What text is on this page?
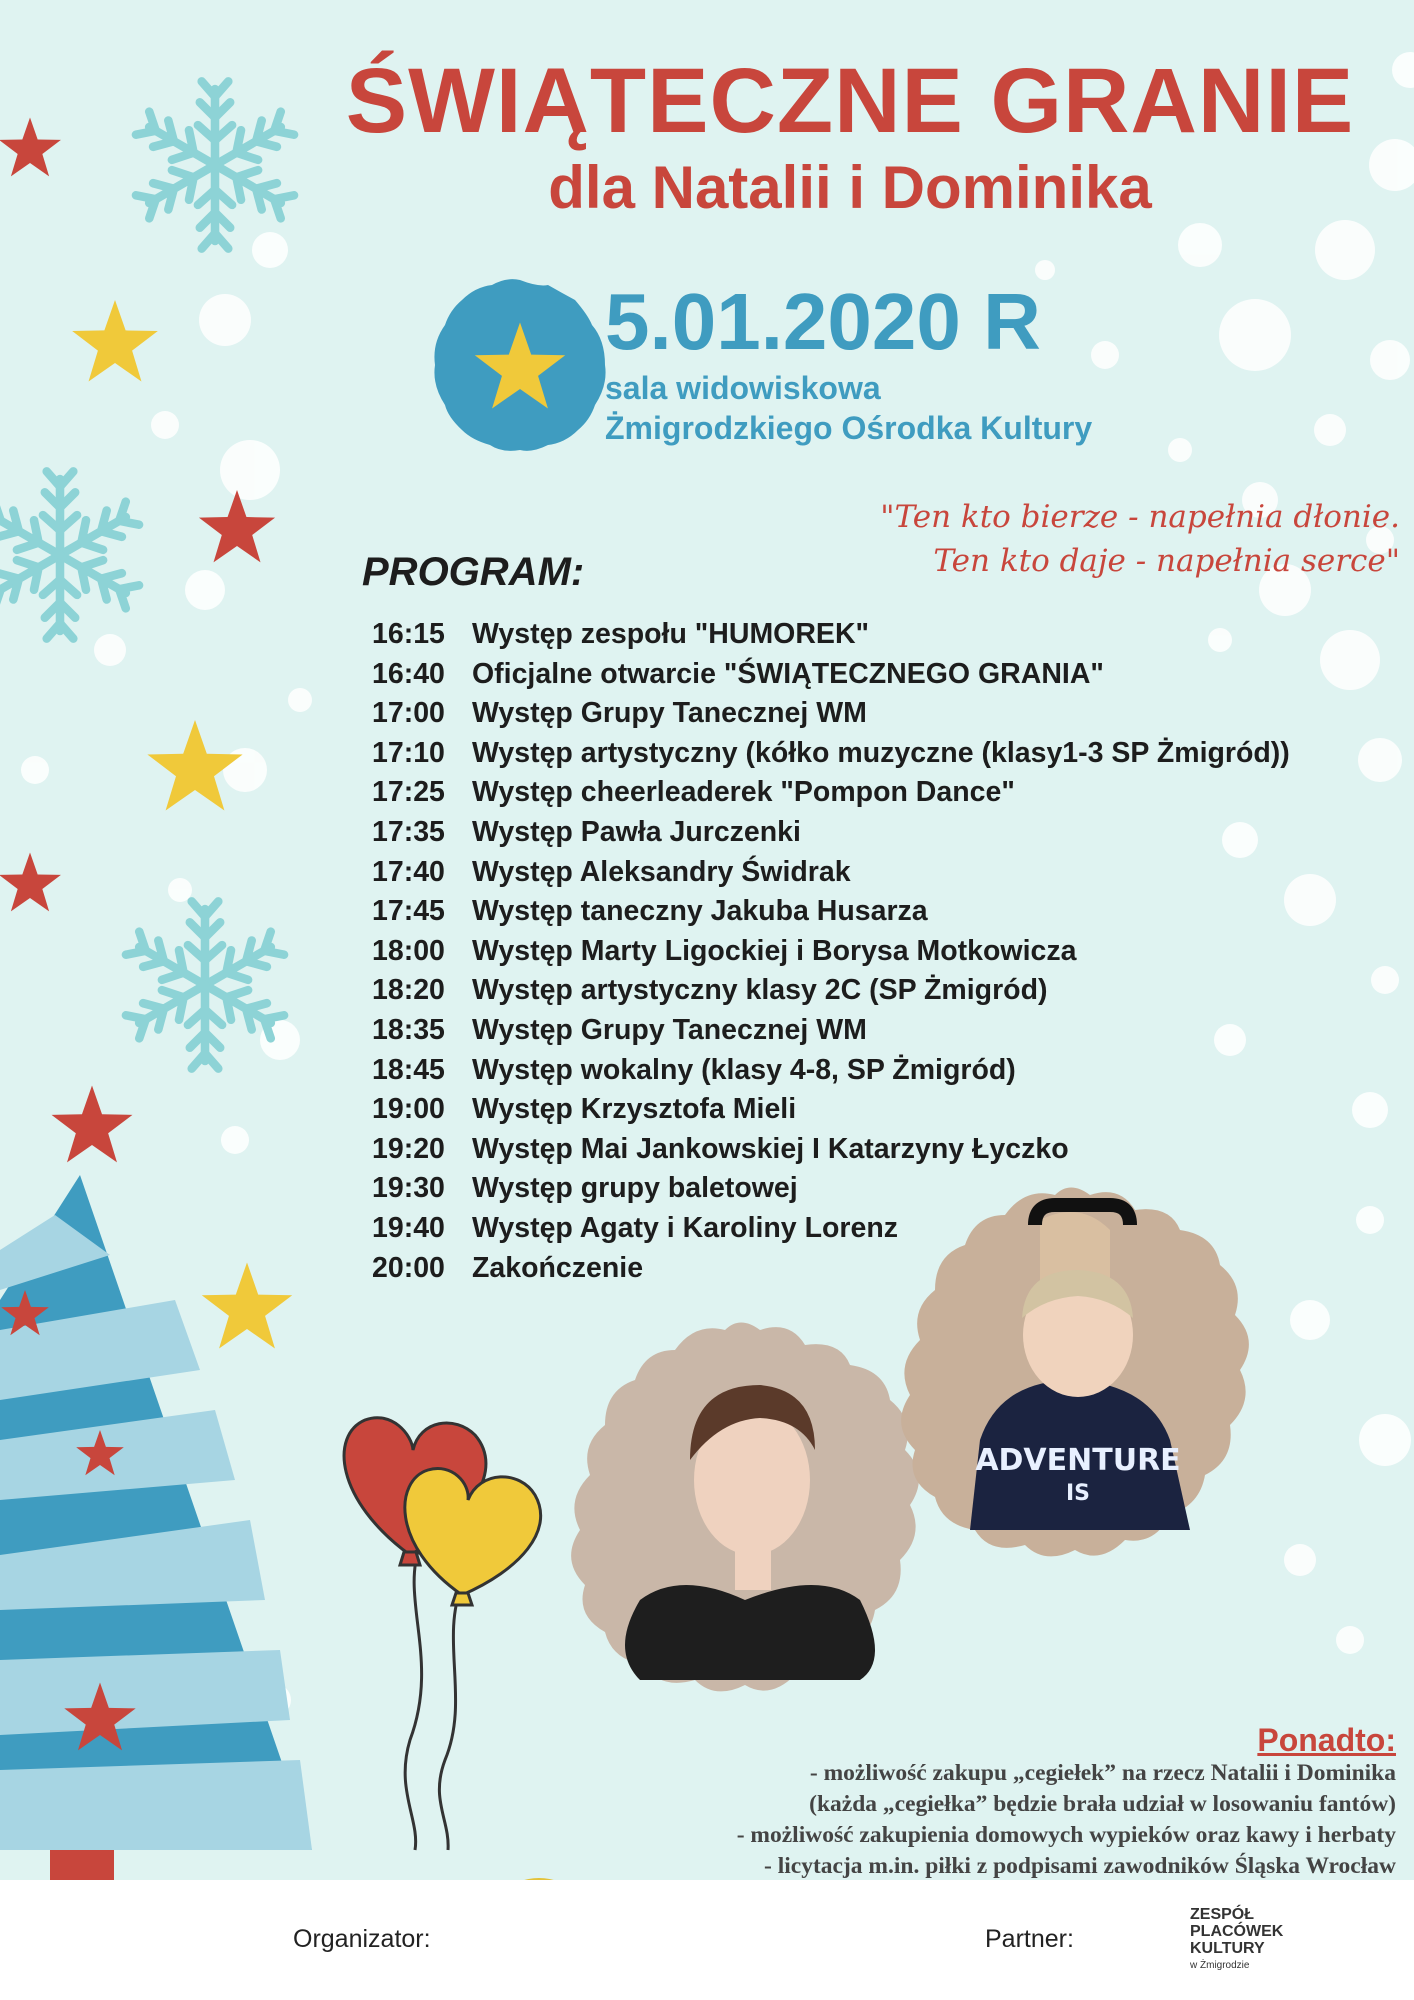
ADVENTURE
IS
ŚWIĄTECZNE GRANIE
dla Natalii i Dominika
5.01.2020 R
sala widowiskowa
Żmigrodzkiego Ośrodka Kultury
"Ten kto bierze - napełnia dłonie.
Ten kto daje - napełnia serce"
PROGRAM:
16:15 Występ zespołu "HUMOREK"
16:40 Oficjalne otwarcie "ŚWIĄTECZNEGO GRANIA"
17:00 Występ Grupy Tanecznej WM
17:10 Występ artystyczny (kółko muzyczne (klasy1-3 SP Żmigród))
17:25 Występ cheerleaderek "Pompon Dance"
17:35 Występ Pawła Jurczenki
17:40 Występ Aleksandry Świdrak
17:45 Występ taneczny Jakuba Husarza
18:00 Występ Marty Ligockiej i Borysa Motkowicza
18:20 Występ artystyczny klasy 2C (SP Żmigród)
18:35 Występ Grupy Tanecznej WM
18:45 Występ wokalny (klasy 4-8, SP Żmigród)
19:00 Występ Krzysztofa Mieli
19:20 Występ Mai Jankowskiej I Katarzyny Łyczko
19:30 Występ grupy baletowej
19:40 Występ Agaty i Karoliny Lorenz
20:00 Zakończenie
Ponadto:
- możliwość zakupu „cegiełek” na rzecz Natalii i Dominika
(każda „cegiełka” będzie brała udział w losowaniu fantów)
- możliwość zakupienia domowych wypieków oraz kawy i herbaty
- licytacja m.in. piłki z podpisami zawodników Śląska Wrocław
Organizator:	Partner:
ZESPÓŁ
PLACÓWEK
KULTURY
w Żmigrodzie
